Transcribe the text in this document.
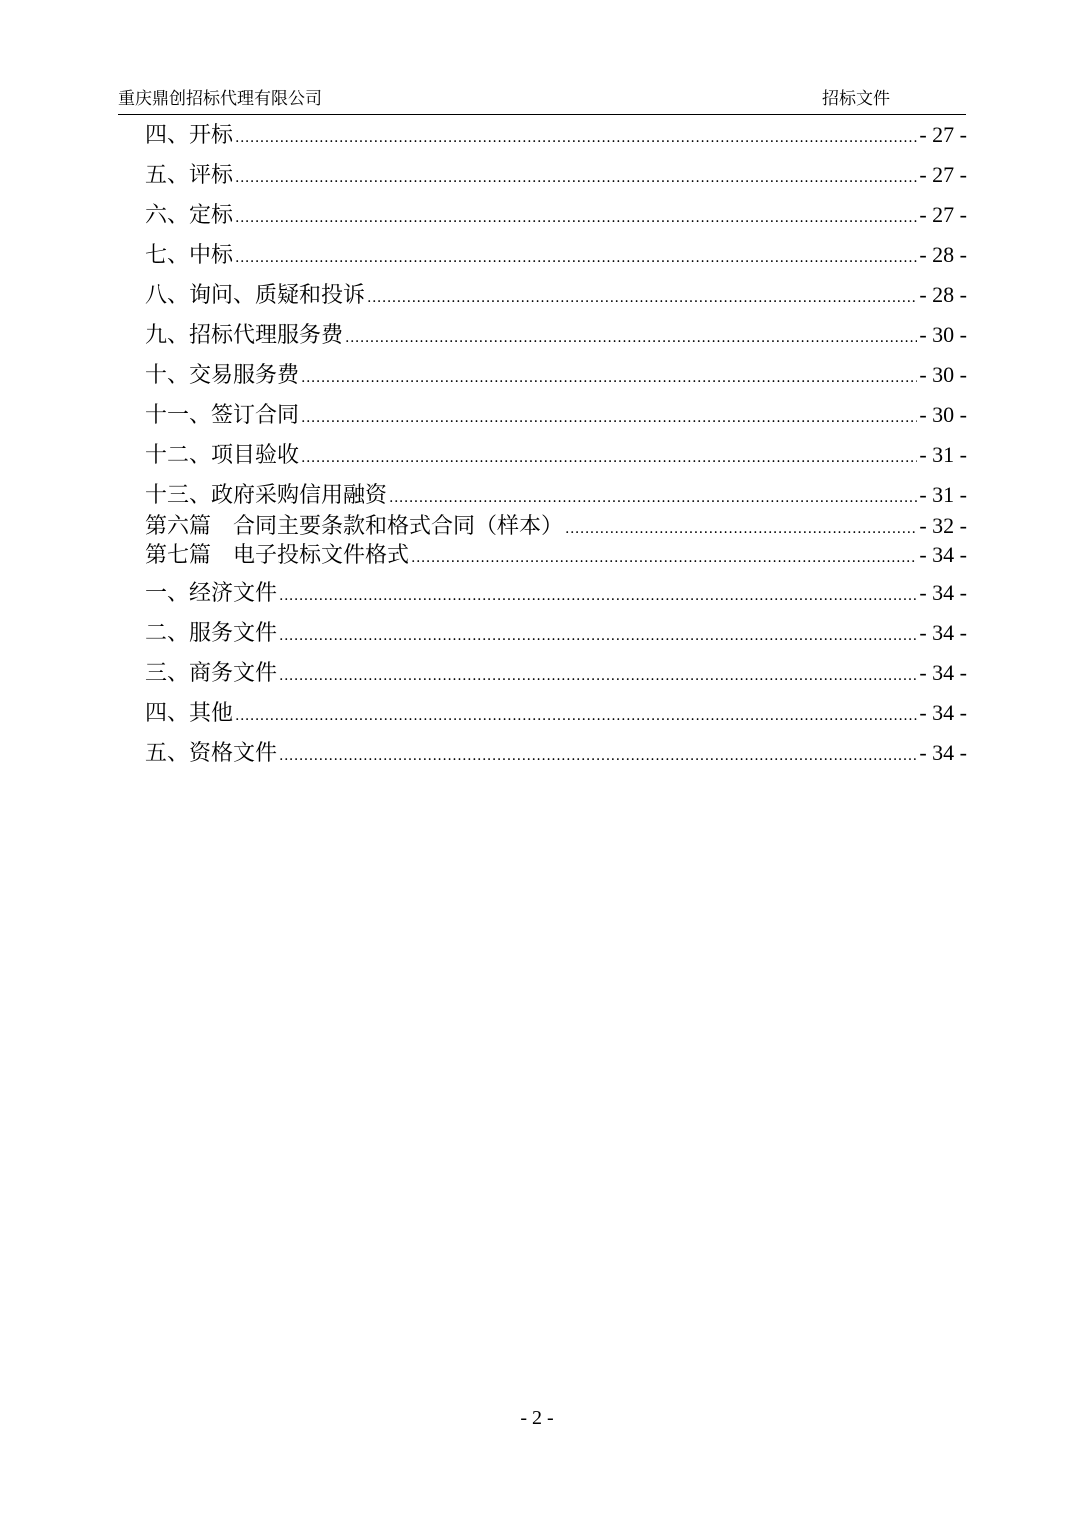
重庆鼎创招标代理有限公司	招标文件
四、开标 .....	- 27 -
五、评标 .....	- 27 -
六、定标 .....	- 27 -
七、中标 .....	- 28 -
八、询问、质疑和投诉 .....	- 28 -
九、招标代理服务费 .....	- 30 -
十、交易服务费 .....	- 30 -
十一、签订合同 .....	- 30 -
十二、项目验收 .....	- 31 -
十三、政府采购信用融资 .....	- 31 -
第六篇　合同主要条款和格式合同（样本） .....	- 32 -
第七篇　电子投标文件格式 .....	- 34 -
一、经济文件 .....	- 34 -
二、服务文件 .....	- 34 -
三、商务文件 .....	- 34 -
四、其他 .....	- 34 -
五、资格文件 .....	- 34 -
- 2 -
